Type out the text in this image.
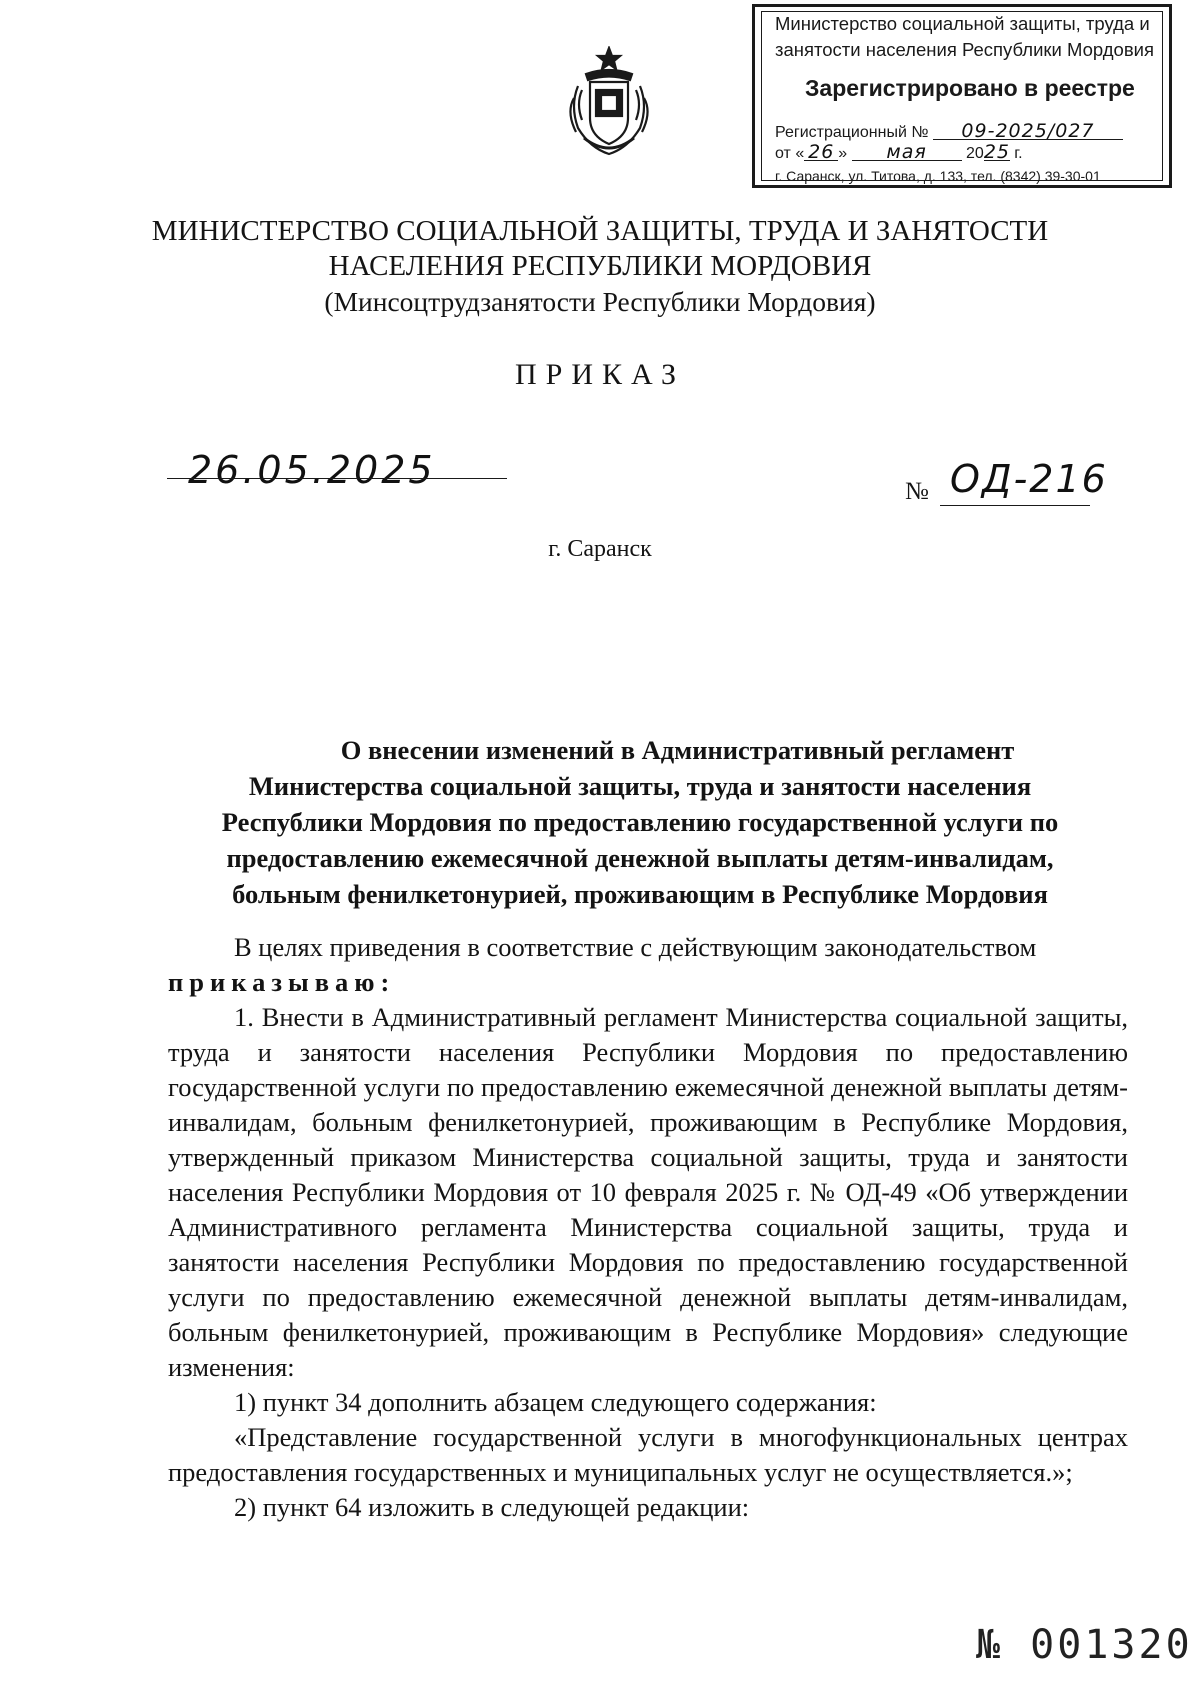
Министерство социальной защиты, труда и
занятости населения Республики Мордовия
Зарегистрировано в реестре
Регистрационный № 09-2025/027
от « 26 » мая 2025 г.
г. Саранск, ул. Титова, д. 133, тел. (8342) 39-30-01
МИНИСТЕРСТВО СОЦИАЛЬНОЙ ЗАЩИТЫ, ТРУДА И ЗАНЯТОСТИ
НАСЕЛЕНИЯ РЕСПУБЛИКИ МОРДОВИЯ
(Минсоцтрудзанятости Республики Мордовия)
ПРИКАЗ
26.05.2025	№ ОД-216
г. Саранск
О внесении изменений в Административный регламент
Министерства социальной защиты, труда и занятости населения
Республики Мордовия по предоставлению государственной услуги по
предоставлению ежемесячной денежной выплаты детям-инвалидам,
больным фенилкетонурией, проживающим в Республике Мордовия

В целях приведения в соответствие с действующим законодательством

приказываю:

1. Внести в Административный регламент Министерства социальной защиты, труда и занятости населения Республики Мордовия по предоставлению государственной услуги по предоставлению ежемесячной денежной выплаты детям-инвалидам, больным фенилкетонурией, проживающим в Республике Мордовия, утвержденный приказом Министерства социальной защиты, труда и занятости населения Республики Мордовия от 10 февраля 2025 г. № ОД-49 «Об утверждении Административного регламента Министерства социальной защиты, труда и занятости населения Республики Мордовия по предоставлению государственной услуги по предоставлению ежемесячной денежной выплаты детям-инвалидам, больным фенилкетонурией, проживающим в Республике Мордовия» следующие изменения:

1) пункт 34 дополнить абзацем следующего содержания:

«Представление государственной услуги в многофункциональных центрах предоставления государственных и муниципальных услуг не осуществляется.»;

2) пункт 64 изложить в следующей редакции:

№ 001320
